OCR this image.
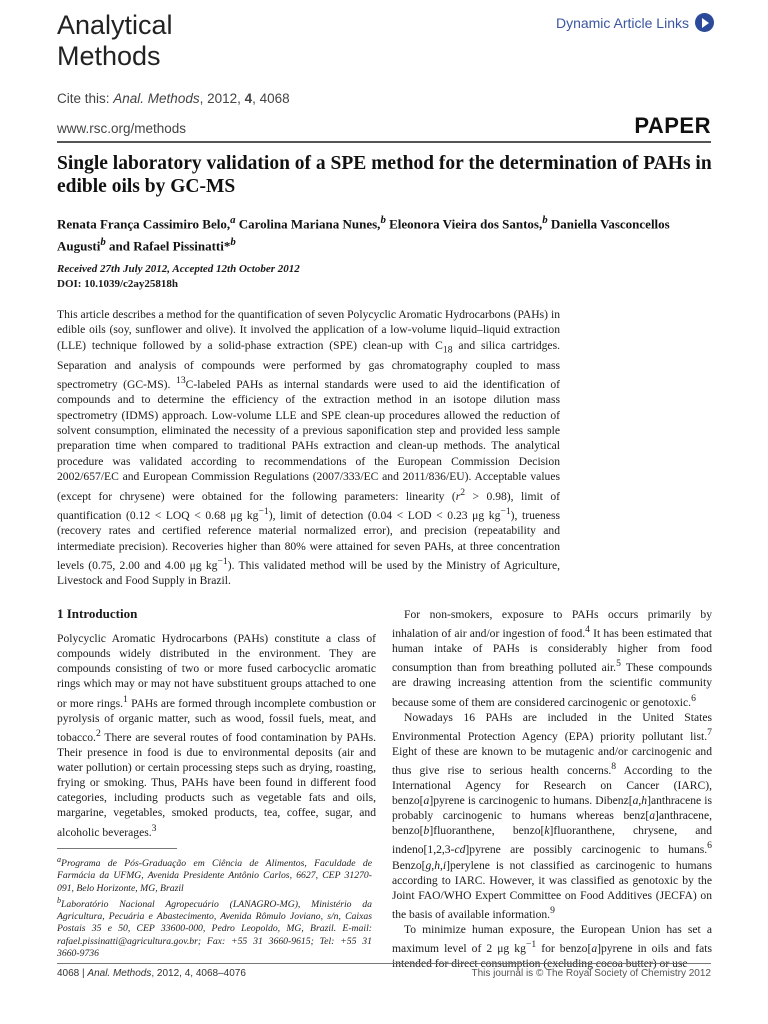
Analytical
Methods
Dynamic Article Links
Cite this: Anal. Methods, 2012, 4, 4068
www.rsc.org/methods	PAPER
Single laboratory validation of a SPE method for the determination of PAHs in edible oils by GC-MS
Renata França Cassimiro Belo,$^a$ Carolina Mariana Nunes,$^b$ Eleonora Vieira dos Santos,$^b$ Daniella Vasconcellos Augusti$^b$ and Rafael Pissinatti*$^b$
Received 27th July 2012, Accepted 12th October 2012
DOI: 10.1039/c2ay25818h

This article describes a method for the quantification of seven Polycyclic Aromatic Hydrocarbons (PAHs) in edible oils (soy, sunflower and olive). It involved the application of a low-volume liquid–liquid extraction (LLE) technique followed by a solid-phase extraction (SPE) clean-up with $C_{18}$ and silica cartridges. Separation and analysis of compounds were performed by gas chromatography coupled to mass spectrometry (GC-MS). $^{13}$C-labeled PAHs as internal standards were used to aid the identification of compounds and to determine the efficiency of the extraction method in an isotope dilution mass spectrometry (IDMS) approach. Low-volume LLE and SPE clean-up procedures allowed the reduction of solvent consumption, eliminated the necessity of a previous saponification step and provided less sample preparation time when compared to traditional PAHs extraction and clean-up methods. The analytical procedure was validated according to recommendations of the European Commission Decision 2002/657/EC and European Commission Regulations (2007/333/EC and 2011/836/EU). Acceptable values (except for chrysene) were obtained for the following parameters: linearity $(r^2 > 0.98)$, limit of quantification (0.12 < LOQ < 0.68 μg $kg^{-1}$), limit of detection (0.04 < LOD < 0.23 μg $kg^{-1}$), trueness (recovery rates and certified reference material normalized error), and precision (repeatability and intermediate precision). Recoveries higher than 80% were attained for seven PAHs, at three concentration levels (0.75, 2.00 and 4.00 μg $kg^{-1}$). This validated method will be used by the Ministry of Agriculture, Livestock and Food Supply in Brazil.

1 Introduction

Polycyclic Aromatic Hydrocarbons (PAHs) constitute a class of compounds widely distributed in the environment. They are compounds consisting of two or more fused carbocyclic aromatic rings which may or may not have substituent groups attached to one or more rings.$^1$ PAHs are formed through incomplete combustion or pyrolysis of organic matter, such as wood, fossil fuels, meat, and tobacco.$^2$ There are several routes of food contamination by PAHs. Their presence in food is due to environmental deposits (air and water pollution) or certain processing steps such as drying, roasting, frying or smoking. Thus, PAHs have been found in different food categories, including products such as vegetable fats and oils, margarine, vegetables, smoked products, tea, coffee, sugar, and alcoholic beverages.$^3$

For non-smokers, exposure to PAHs occurs primarily by inhalation of air and/or ingestion of food.$^4$ It has been estimated that human intake of PAHs is considerably higher from food consumption than from breathing polluted air.$^5$ These compounds are drawing increasing attention from the scientific community because some of them are considered carcinogenic or genotoxic.$^6$

Nowadays 16 PAHs are included in the United States Environmental Protection Agency (EPA) priority pollutant list.$^7$ Eight of these are known to be mutagenic and/or carcinogenic and thus give rise to serious health concerns.$^8$ According to the International Agency for Research on Cancer (IARC), benzo[a]pyrene is carcinogenic to humans. Dibenz[a,h]anthracene is probably carcinogenic to humans whereas benz[a]anthracene, benzo[b]fluoranthene, benzo[k]fluoranthene, chrysene, and indeno[1,2,3-cd]pyrene are possibly carcinogenic to humans.$^6$ Benzo[g,h,i]perylene is not classified as carcinogenic to humans according to IARC. However, it was classified as genotoxic by the Joint FAO/WHO Expert Committee on Food Additives (JECFA) on the basis of available information.$^9$

To minimize human exposure, the European Union has set a maximum level of 2 μg $kg^{-1}$ for benzo[a]pyrene in oils and fats intended for direct consumption (excluding cocoa butter) or use

$^a$Programa de Pós-Graduação em Ciência de Alimentos, Faculdade de Farmácia da UFMG, Avenida Presidente Antônio Carlos, 6627, CEP 31270-091, Belo Horizonte, MG, Brazil

$^b$Laboratório Nacional Agropecuário (LANAGRO-MG), Ministério da Agricultura, Pecuária e Abastecimento, Avenida Rômulo Joviano, s/n, Caixas Postais 35 e 50, CEP 33600-000, Pedro Leopoldo, MG, Brazil. E-mail: rafael.pissinatti@agricultura.gov.br; Fax: +55 31 3660-9615; Tel: +55 31 3660-9736

4068 | Anal. Methods, 2012, 4, 4068–4076	This journal is © The Royal Society of Chemistry 2012
